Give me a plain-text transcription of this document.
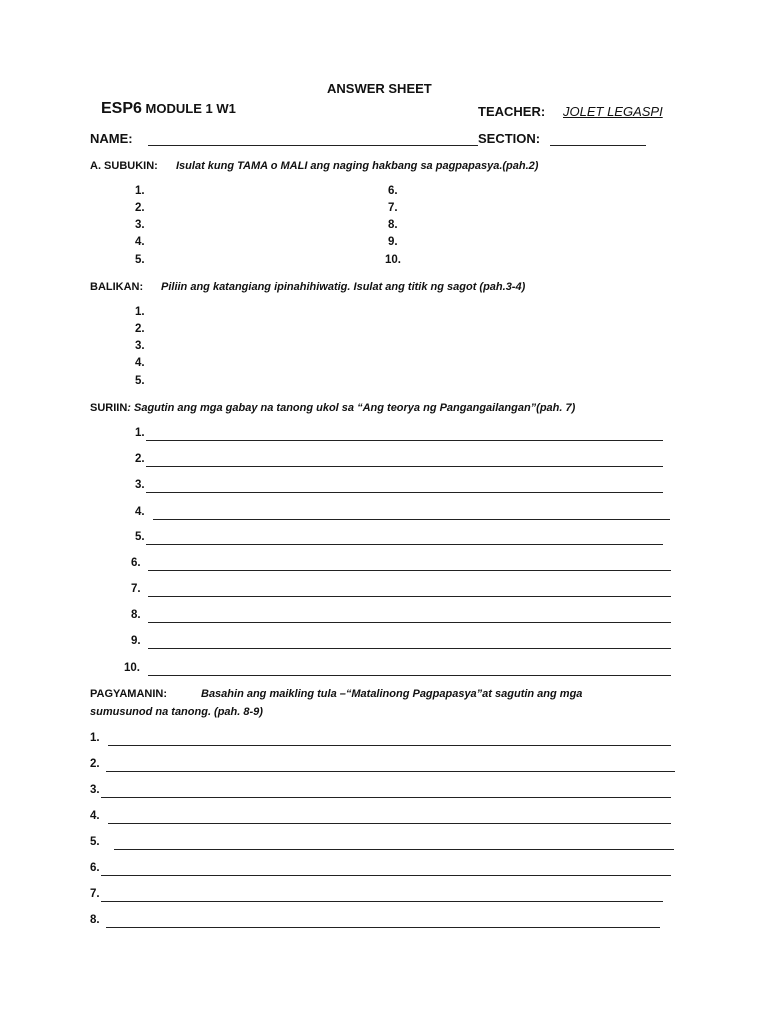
ANSWER SHEET
ESP6 MODULE 1 W1	TEACHER:	JOLET LEGASPI
NAME:	SECTION:
A. SUBUKIN: Isulat kung TAMA o MALI ang naging hakbang sa pagpapasya.(pah.2)
1.
2.
3.
4.
5.
6.
7.
8.
9.
10.
BALIKAN: Piliin ang katangiang ipinahihiwatig. Isulat ang titik ng sagot (pah.3-4)
1.
2.
3.
4.
5.
SURIIN: Sagutin ang mga gabay na tanong ukol sa “Ang teorya ng Pangangailangan”(pah. 7)
1.
2.
3.
4.
5.
6.
7.
8.
9.
10.
PAGYAMANIN:	Basahin ang maikling tula –“Matalinong Pagpapasya”at sagutin ang mga
sumusunod na tanong. (pah. 8-9)
1.
2.
3.
4.
5.
6.
7.
8.
